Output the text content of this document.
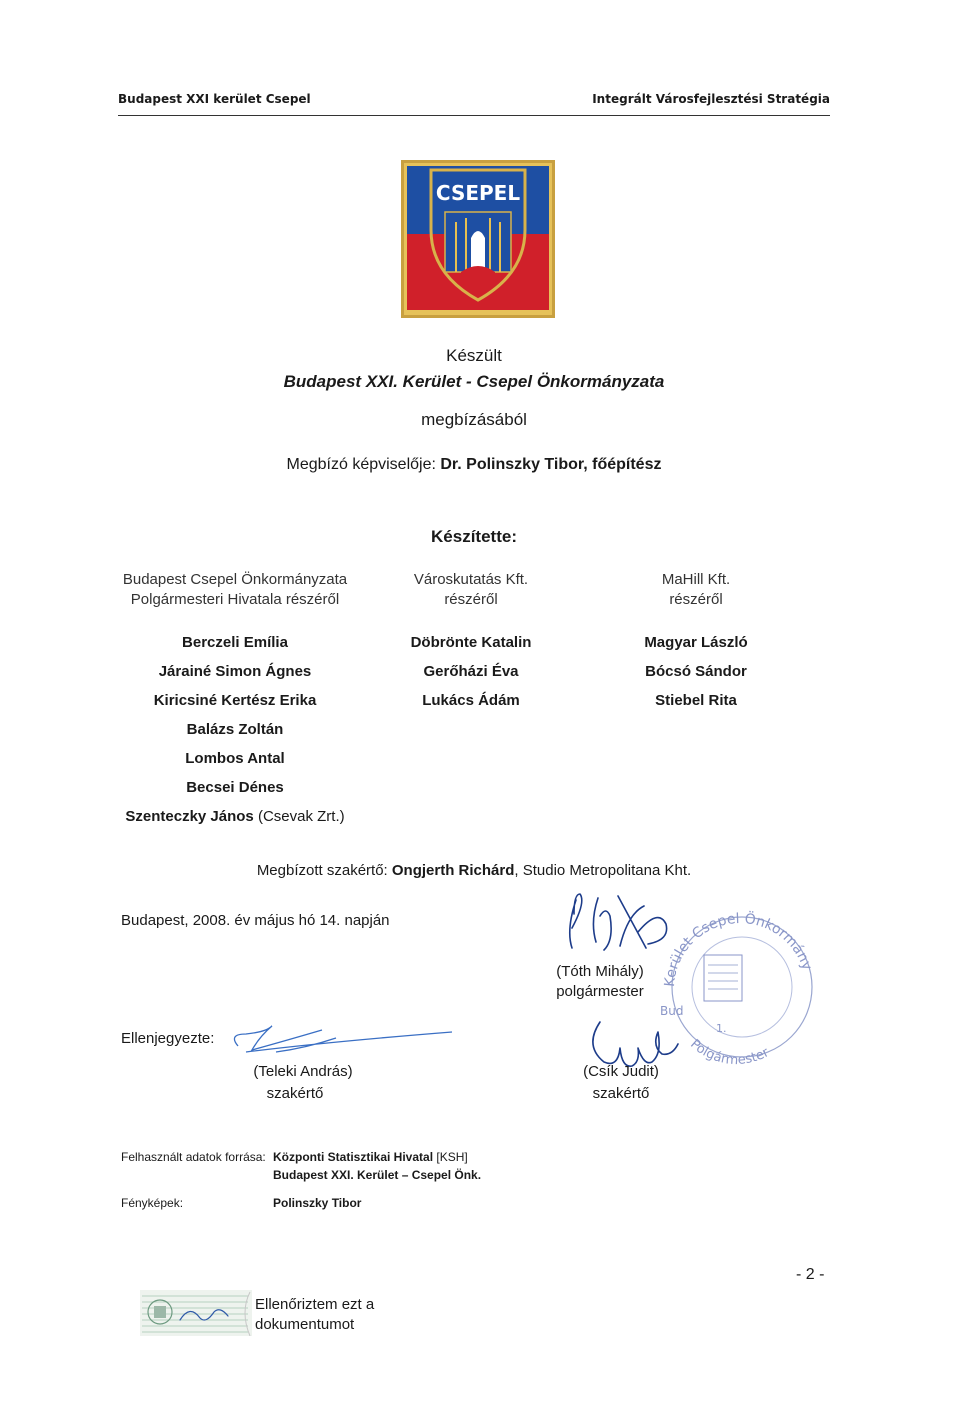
Budapest XXI kerület Csepel	Integrált Városfejlesztési Stratégia
CSEPEL
Készült
Budapest XXI. Kerület - Csepel Önkormányzata
megbízásából
Megbízó képviselője: Dr. Polinszky Tibor, főépítész
Készítette:
Budapest Csepel Önkormányzata
Polgármesteri Hivatala részéről
Berczeli Emília
Járainé Simon Ágnes
Kiricsiné Kertész Erika
Balázs Zoltán
Lombos Antal
Becsei Dénes
Szenteczky János (Csevak Zrt.)
Városkutatás Kft.
részéről
Döbrönte Katalin
Gerőházi Éva
Lukács Ádám
MaHill Kft.
részéről
Magyar László
Bócsó Sándor
Stiebel Rita
Megbízott szakértő: Ongjerth Richárd, Studio Metropolitana Kht.
Budapest, 2008. év május hó 14. napján
(Tóth Mihály)
polgármester
Kerület Csepel Önkormány
Polgármester
Bud
1.
Ellenjegyezte:
(Teleki András)
szakértő
(Csík Judit)
szakértő
Felhasznált adatok forrása: Központi Statisztikai Hivatal [KSH]
Budapest XXI. Kerület – Csepel Önk.
Fényképek:	Polinszky Tibor
- 2 -
Ellenőriztem ezt a
dokumentumot
